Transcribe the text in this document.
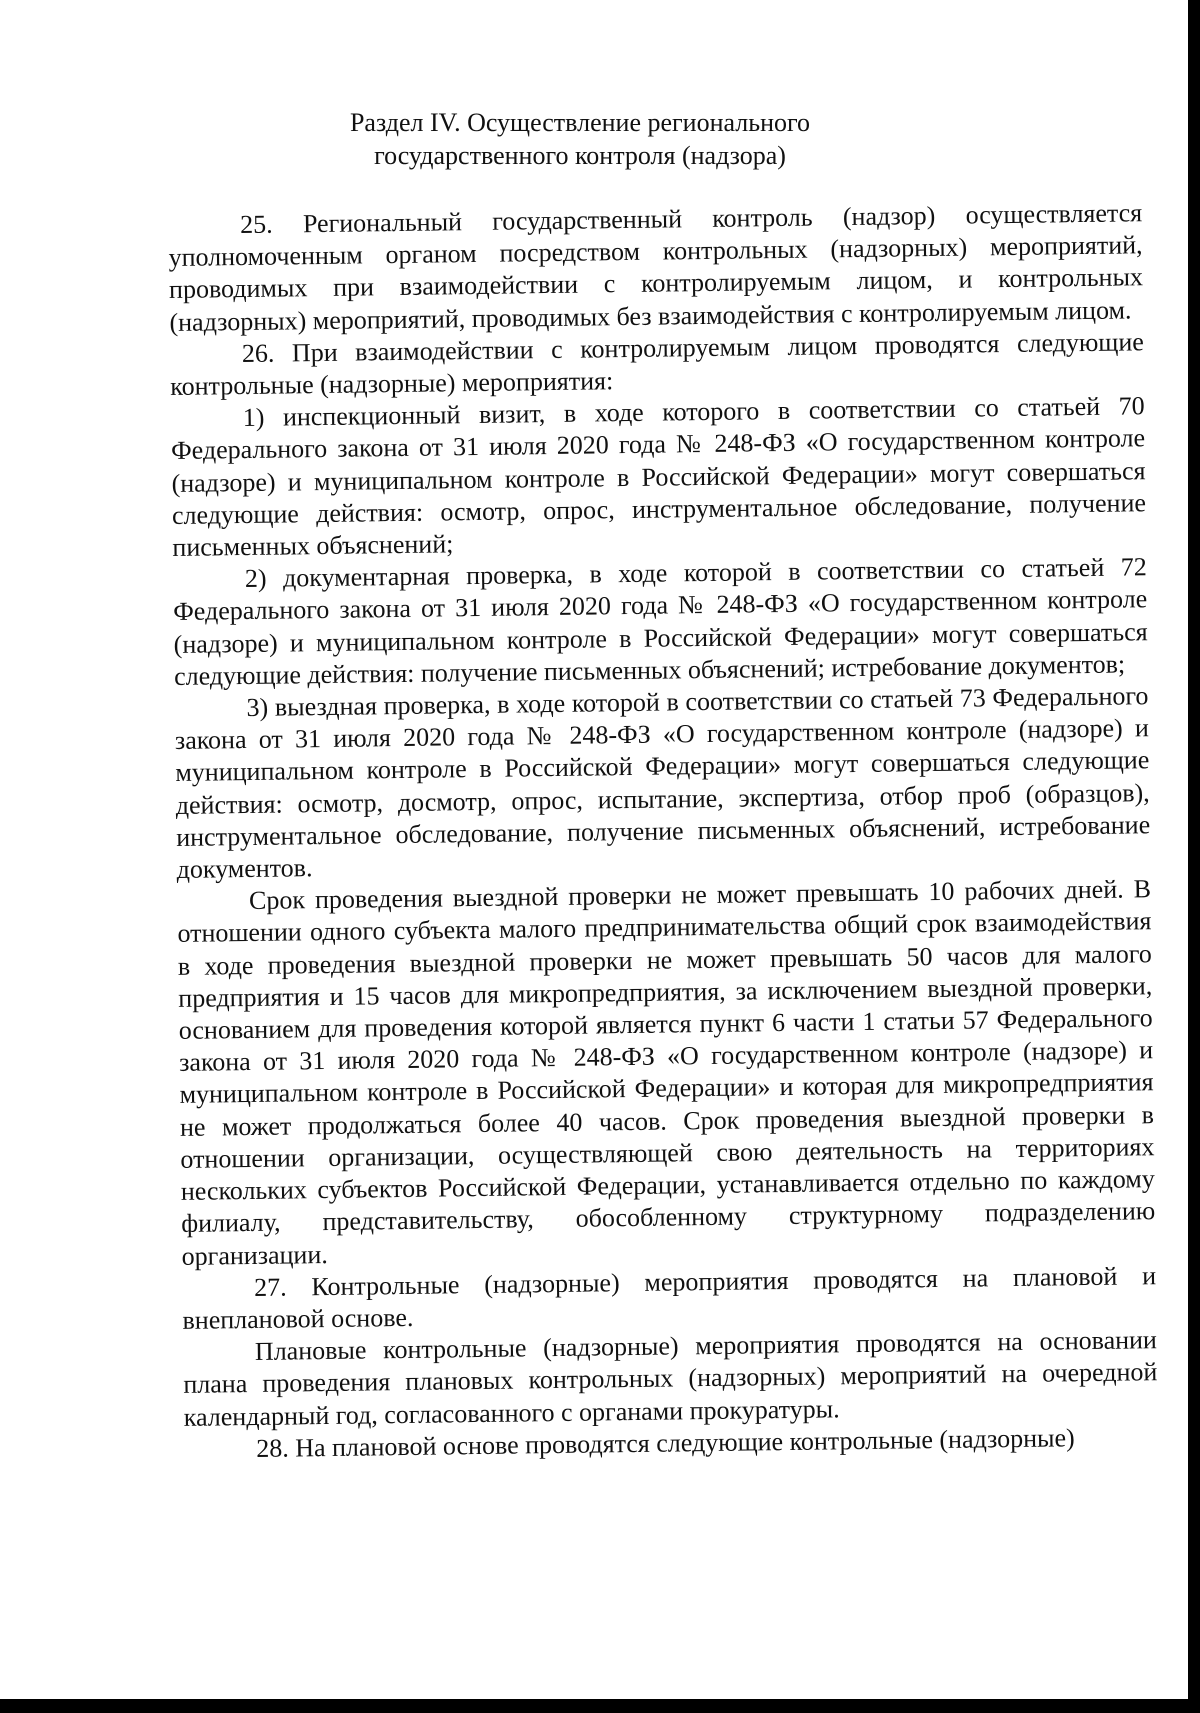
Раздел IV. Осуществление регионального
государственного контроля (надзора)

25. Региональный государственный контроль (надзор) осуществляется уполномоченным органом посредством контрольных (надзорных) мероприятий, проводимых при взаимодействии с контролируемым лицом, и контрольных (надзорных) мероприятий, проводимых без взаимодействия с контролируемым лицом.

26. При взаимодействии с контролируемым лицом проводятся следующие контрольные (надзорные) мероприятия:

1) инспекционный визит, в ходе которого в соответствии со статьей 70 Федерального закона от 31 июля 2020 года № 248-ФЗ «О государственном контроле (надзоре) и муниципальном контроле в Российской Федерации» могут совершаться следующие действия: осмотр, опрос, инструментальное обследование, получение письменных объяснений;

2) документарная проверка, в ходе которой в соответствии со статьей 72 Федерального закона от 31 июля 2020 года № 248-ФЗ «О государственном контроле (надзоре) и муниципальном контроле в Российской Федерации» могут совершаться следующие действия: получение письменных объяснений; истребование документов;

3) выездная проверка, в ходе которой в соответствии со статьей 73 Федерального закона от 31 июля 2020 года № 248-ФЗ «О государственном контроле (надзоре) и муниципальном контроле в Российской Федерации» могут совершаться следующие действия: осмотр, досмотр, опрос, испытание, экспертиза, отбор проб (образцов), инструментальное обследование, получение письменных объяснений, истребование документов.

Срок проведения выездной проверки не может превышать 10 рабочих дней. В отношении одного субъекта малого предпринимательства общий срок взаимодействия в ходе проведения выездной проверки не может превышать 50 часов для малого предприятия и 15 часов для микропредприятия, за исключением выездной проверки, основанием для проведения которой является пункт 6 части 1 статьи 57 Федерального закона от 31 июля 2020 года № 248-ФЗ «О государственном контроле (надзоре) и муниципальном контроле в Российской Федерации» и которая для микропредприятия не может продолжаться более 40 часов. Срок проведения выездной проверки в отношении организации, осуществляющей свою деятельность на территориях нескольких субъектов Российской Федерации, устанавливается отдельно по каждому филиалу, представительству, обособленному структурному подразделению организации.

27. Контрольные (надзорные) мероприятия проводятся на плановой и внеплановой основе.

Плановые контрольные (надзорные) мероприятия проводятся на основании плана проведения плановых контрольных (надзорных) мероприятий на очередной календарный год, согласованного с органами прокуратуры.

28. На плановой основе проводятся следующие контрольные (надзорные)
